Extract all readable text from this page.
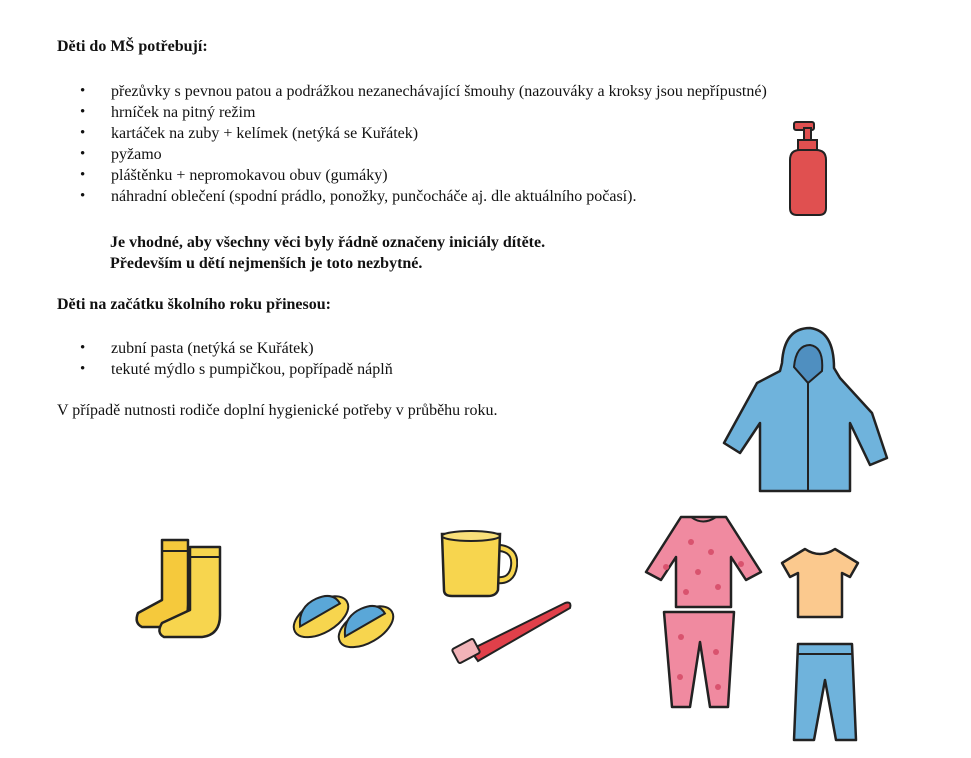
Děti do MŠ potřebují:
• přezůvky s pevnou patou a podrážkou nezanechávající šmouhy (nazouváky a kroksy jsou nepřípustné)
• hrníček na pitný režim
• kartáček na zuby + kelímek (netýká se Kuřátek)
• pyžamo
• pláštěnku + nepromokavou obuv (gumáky)
• náhradní oblečení (spodní prádlo, ponožky, punčocháče aj. dle aktuálního počasí).
Je vhodné, aby všechny věci byly řádně označeny iniciály dítěte.
Především u dětí nejmenších je toto nezbytné.
Děti na začátku školního roku přinesou:
• zubní pasta (netýká se Kuřátek)
• tekuté mýdlo s pumpičkou, popřípadě náplň
V případě nutnosti rodiče doplní hygienické potřeby v průběhu roku.
